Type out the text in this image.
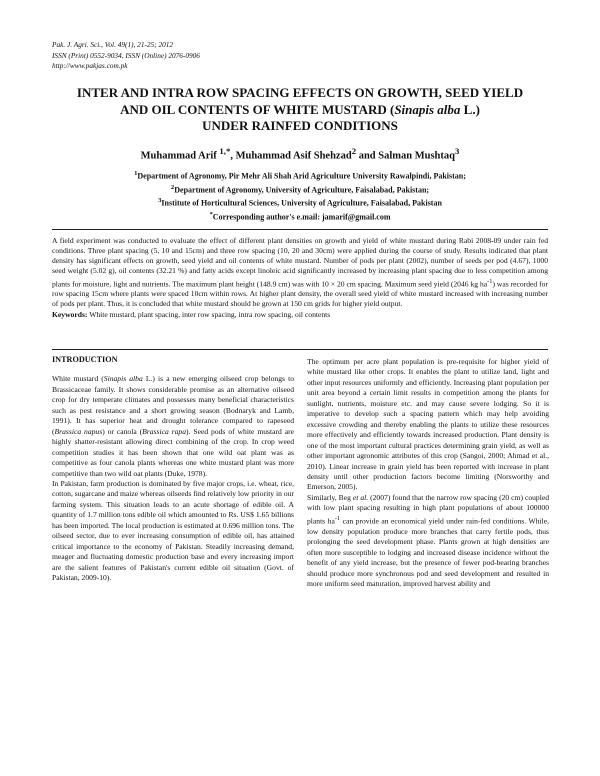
Pak. J. Agri. Sci., Vol. 49(1), 21-25; 2012
ISSN (Print) 0552-9034, ISSN (Online) 2076-0906
http://www.pakjas.com.pk
INTER AND INTRA ROW SPACING EFFECTS ON GROWTH, SEED YIELD
AND OIL CONTENTS OF WHITE MUSTARD (Sinapis alba L.)
UNDER RAINFED CONDITIONS
Muhammad Arif $^{1,*}$, Muhammad Asif Shehzad$^2$ and Salman Mushtaq$^3$
$^1$Department of Agronomy, Pir Mehr Ali Shah Arid Agriculture University Rawalpindi, Pakistan;
$^2$Department of Agronomy, University of Agriculture, Faisalabad, Pakistan;
$^3$Institute of Horticultural Sciences, University of Agriculture, Faisalabad, Pakistan
*Corresponding author's e.mail: jamarif@gmail.com

A field experiment was conducted to evaluate the effect of different plant densities on growth and yield of white mustard during Rabi 2008-09 under rain fed conditions. Three plant spacing (5, 10 and 15cm) and three row spacing (10, 20 and 30cm) were applied during the course of study. Results indicated that plant density has significant effects on growth, seed yield and oil contents of white mustard. Number of pods per plant (2002), number of seeds per pod (4.67), 1000 seed weight (5.02 g), oil contents (32.21 %) and fatty acids except linoleic acid significantly increased by increasing plant spacing due to less competition among plants for moisture, light and nutrients. The maximum plant height (148.9 cm) was with 10 × 20 cm spacing. Maximum seed yield (2046 kg $ha^{-1}$) was recorded for row spacing 15cm where plants were spaced 10cm within rows. At higher plant density, the overall seed yield of white mustard increased with increasing number of pods per plant. Thus, it is concluded that white mustard should be grown at 150 cm grids for higher yield output.

Keywords: White mustard, plant spacing, inter row spacing, intra row spacing, oil contents

INTRODUCTION

White mustard (Sinapis alba L.) is a new emerging oilseed crop belongs to Brassicaceae family. It shows considerable promise as an alternative oilseed crop for dry temperate climates and possesses many beneficial characteristics such as pest resistance and a short growing season (Bodnaryk and Lamb, 1991). It has superior heat and drought tolerance compared to rapeseed (Brassica napus) or canola (Brassica rapa). Seed pods of white mustard are highly shatter-resistant allowing direct combining of the crop. In crop weed competition studies it has been shown that one wild oat plant was as competitive as four canola plants whereas one white mustard plant was more competitive than two wild oat plants (Duke, 1978).

In Pakistan, farm production is dominated by five major crops, i.e. wheat, rice, cotton, sugarcane and maize whereas oilseeds find relatively low priority in our farming system. This situation leads to an acute shortage of edible oil. A quantity of 1.7 million tons edible oil which amounted to Rs. US$ 1.65 billions has been imported. The local production is estimated at 0.696 million tons. The oilseed sector, due to ever increasing consumption of edible oil, has attained critical importance to the economy of Pakistan. Steadily increasing demand, meager and fluctuating domestic production base and every increasing import are the salient features of Pakistan's current edible oil situation (Govt. of Pakistan, 2009-10).

The optimum per acre plant population is pre-requisite for higher yield of white mustard like other crops. It enables the plant to utilize land, light and other input resources uniformly and efficiently. Increasing plant population per unit area beyond a certain limit results in competition among the plants for sunlight, nutrients, moisture etc. and may cause severe lodging. So it is imperative to develop such a spacing pattern which may help avoiding excessive crowding and thereby enabling the plants to utilize these resources more effectively and efficiently towards increased production. Plant density is one of the most important cultural practices determining grain yield, as well as other important agronomic attributes of this crop (Sangoi, 2000; Ahmad et al., 2010). Linear increase in grain yield has been reported with increase in plant density until other production factors become limiting (Norsworthy and Emerson, 2005).

Similarly, Beg et al. (2007) found that the narrow row spacing (20 cm) coupled with low plant spacing resulting in high plant populations of about 100000 plants $ha^{-1}$ can provide an economical yield under rain-fed conditions. While, low density population produce more branches that carry fertile pods, thus prolonging the seed development phase. Plants grown at high densities are often more susceptible to lodging and increased disease incidence without the benefit of any yield increase, but the presence of fewer pod-bearing branches should produce more synchronous pod and seed development and resulted in more uniform seed maturation, improved harvest ability and
